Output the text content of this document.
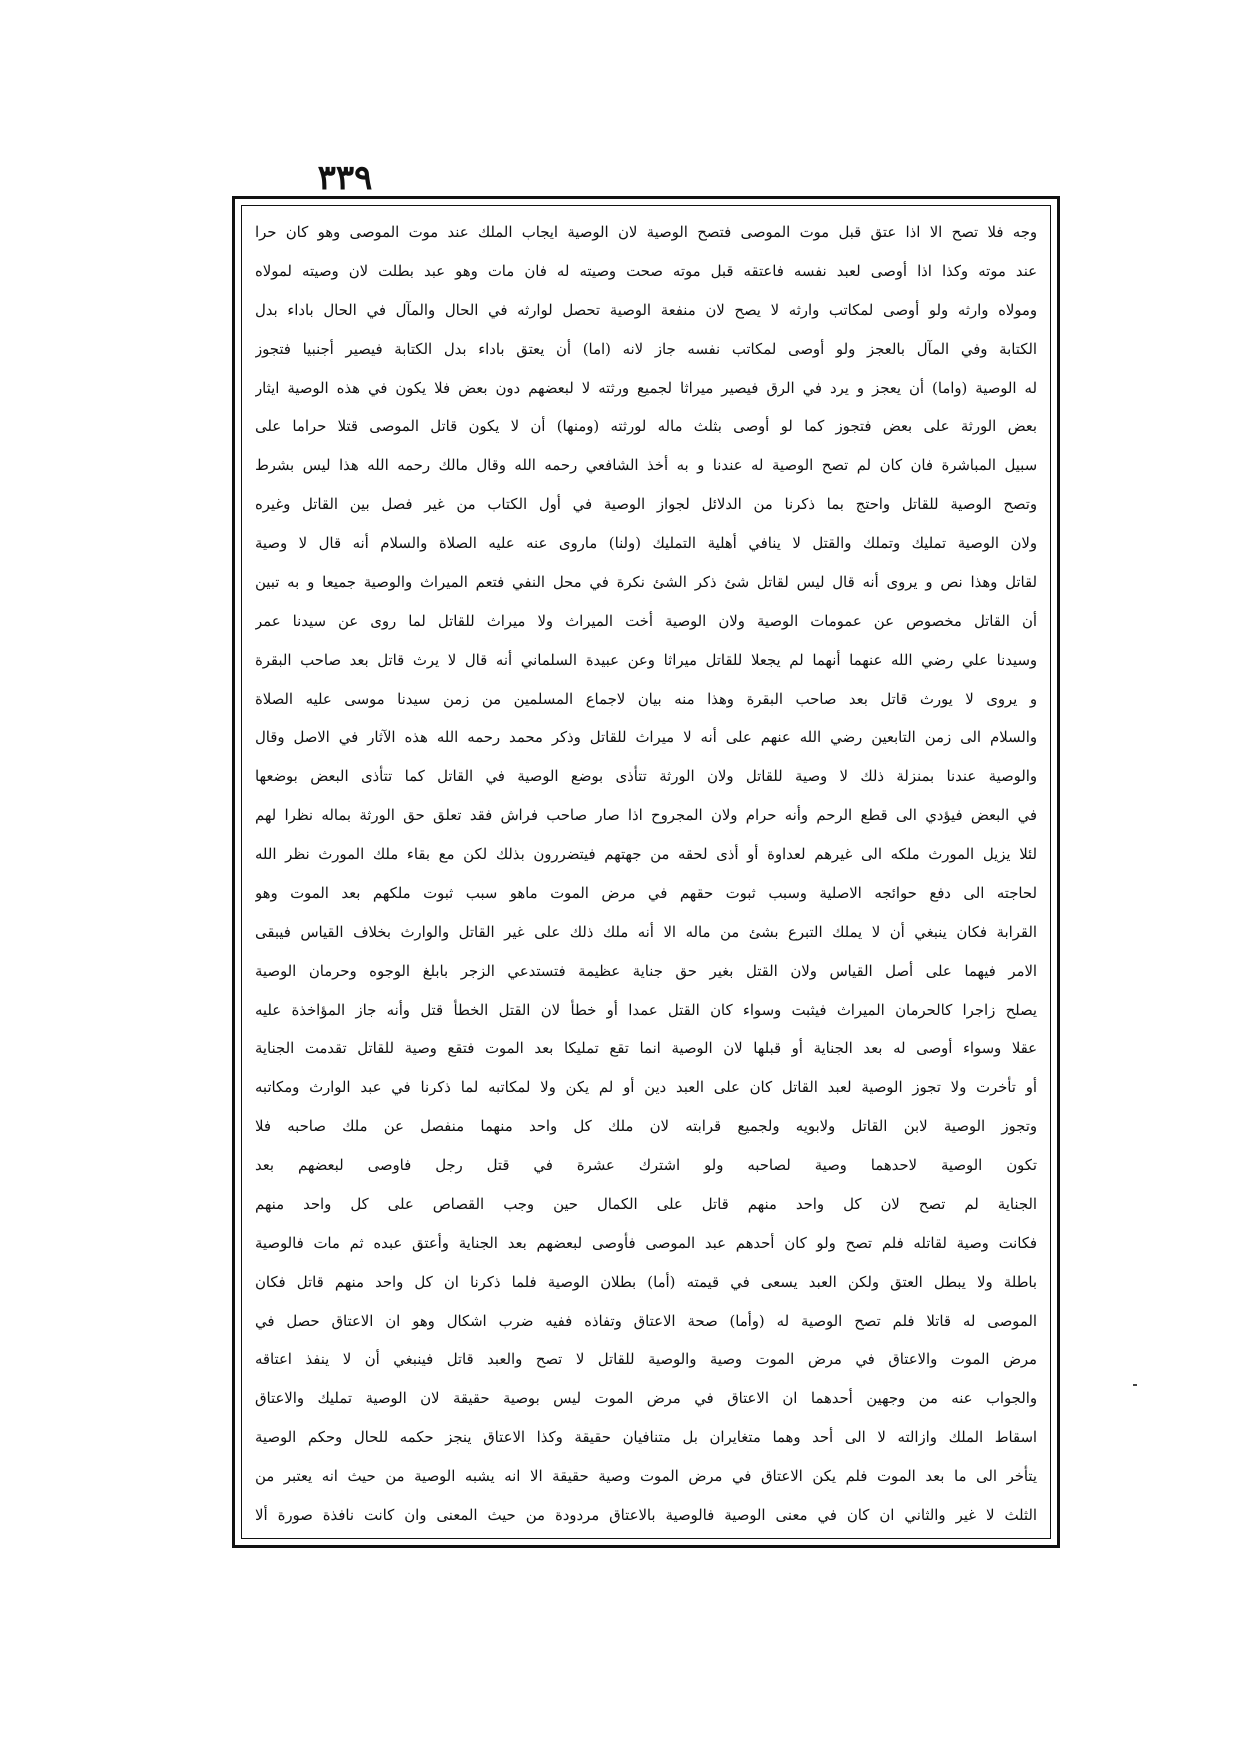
۳۳۹
وجه فلا تصح الا اذا عتق قبل موت الموصى فتصح الوصية لان الوصية ايجاب الملك عند موت الموصى وهو كان حرا
عند موته وكذا اذا أوصى لعبد نفسه فاعتقه قبل موته صحت وصيته له فان مات وهو عبد بطلت لان وصيته لمولاه
ومولاه وارثه ولو أوصى لمكاتب وارثه لا يصح لان منفعة الوصية تحصل لوارثه في الحال والمآل في الحال باداء بدل
الكتابة وفي المآل بالعجز ولو أوصى لمكاتب نفسه جاز لانه (اما) أن يعتق باداء بدل الكتابة فيصير أجنبيا فتجوز
له الوصية (واما) أن يعجز و يرد في الرق فيصير ميراثا لجميع ورثته لا لبعضهم دون بعض فلا يكون في هذه الوصية ايثار
بعض الورثة على بعض فتجوز كما لو أوصى بثلث ماله لورثته (ومنها) أن لا يكون قاتل الموصى قتلا حراما على
سبيل المباشرة فان كان لم تصح الوصية له عندنا و به أخذ الشافعي رحمه الله وقال مالك رحمه الله هذا ليس بشرط
وتصح الوصية للقاتل واحتج بما ذكرنا من الدلائل لجواز الوصية في أول الكتاب من غير فصل بين القاتل وغيره
ولان الوصية تمليك وتملك والقتل لا ينافي أهلية التمليك (ولنا) ماروى عنه عليه الصلاة والسلام أنه قال لا وصية
لقاتل وهذا نص و يروى أنه قال ليس لقاتل شئ ذكر الشئ نكرة في محل النفي فتعم الميراث والوصية جميعا و به تبين
أن القاتل مخصوص عن عمومات الوصية ولان الوصية أخت الميراث ولا ميراث للقاتل لما روى عن سيدنا عمر
وسيدنا علي رضي الله عنهما أنهما لم يجعلا للقاتل ميراثا وعن عبيدة السلماني أنه قال لا يرث قاتل بعد صاحب البقرة
و يروى لا يورث قاتل بعد صاحب البقرة وهذا منه بيان لاجماع المسلمين من زمن سيدنا موسى عليه الصلاة
والسلام الى زمن التابعين رضي الله عنهم على أنه لا ميراث للقاتل وذكر محمد رحمه الله هذه الآثار في الاصل وقال
والوصية عندنا بمنزلة ذلك لا وصية للقاتل ولان الورثة تتأذى بوضع الوصية في القاتل كما تتأذى البعض بوضعها
في البعض فيؤدي الى قطع الرحم وأنه حرام ولان المجروح اذا صار صاحب فراش فقد تعلق حق الورثة بماله نظرا لهم
لئلا يزيل المورث ملكه الى غيرهم لعداوة أو أذى لحقه من جهتهم فيتضررون بذلك لكن مع بقاء ملك المورث نظر الله
لحاجته الى دفع حوائجه الاصلية وسبب ثبوت حقهم في مرض الموت ماهو سبب ثبوت ملكهم بعد الموت وهو
القرابة فكان ينبغي أن لا يملك التبرع بشئ من ماله الا أنه ملك ذلك على غير القاتل والوارث بخلاف القياس فيبقى
الامر فيهما على أصل القياس ولان القتل بغير حق جناية عظيمة فتستدعي الزجر بابلغ الوجوه وحرمان الوصية
يصلح زاجرا كالحرمان الميراث فيثبت وسواء كان القتل عمدا أو خطأ لان القتل الخطأ قتل وأنه جاز المؤاخذة عليه
عقلا وسواء أوصى له بعد الجناية أو قبلها لان الوصية انما تقع تمليكا بعد الموت فتقع وصية للقاتل تقدمت الجناية
أو تأخرت ولا تجوز الوصية لعبد القاتل كان على العبد دين أو لم يكن ولا لمكاتبه لما ذكرنا في عبد الوارث ومكاتبه
وتجوز الوصية لابن القاتل ولابويه ولجميع قرابته لان ملك كل واحد منهما منفصل عن ملك صاحبه فلا
تكون الوصية لاحدهما وصية لصاحبه ولو اشترك عشرة في قتل رجل فاوصى لبعضهم بعد
الجناية لم تصح لان كل واحد منهم قاتل على الكمال حين وجب القصاص على كل واحد منهم
فكانت وصية لقاتله فلم تصح ولو كان أحدهم عبد الموصى فأوصى لبعضهم بعد الجناية وأعتق عبده ثم مات فالوصية
باطلة ولا يبطل العتق ولكن العبد يسعى في قيمته (أما) بطلان الوصية فلما ذكرنا ان كل واحد منهم قاتل فكان
الموصى له قاتلا فلم تصح الوصية له (وأما) صحة الاعتاق وتفاذه ففيه ضرب اشكال وهو ان الاعتاق حصل في
مرض الموت والاعتاق في مرض الموت وصية والوصية للقاتل لا تصح والعبد قاتل فينبغي أن لا ينفذ اعتاقه
والجواب عنه من وجهين أحدهما ان الاعتاق في مرض الموت ليس بوصية حقيقة لان الوصية تمليك والاعتاق
اسقاط الملك وازالته لا الى أحد وهما متغايران بل متنافيان حقيقة وكذا الاعتاق ينجز حكمه للحال وحكم الوصية
يتأخر الى ما بعد الموت فلم يكن الاعتاق في مرض الموت وصية حقيقة الا انه يشبه الوصية من حيث انه يعتبر من
الثلث لا غير والثاني ان كان في معنى الوصية فالوصية بالاعتاق مردودة من حيث المعنى وان كانت نافذة صورة ألا
